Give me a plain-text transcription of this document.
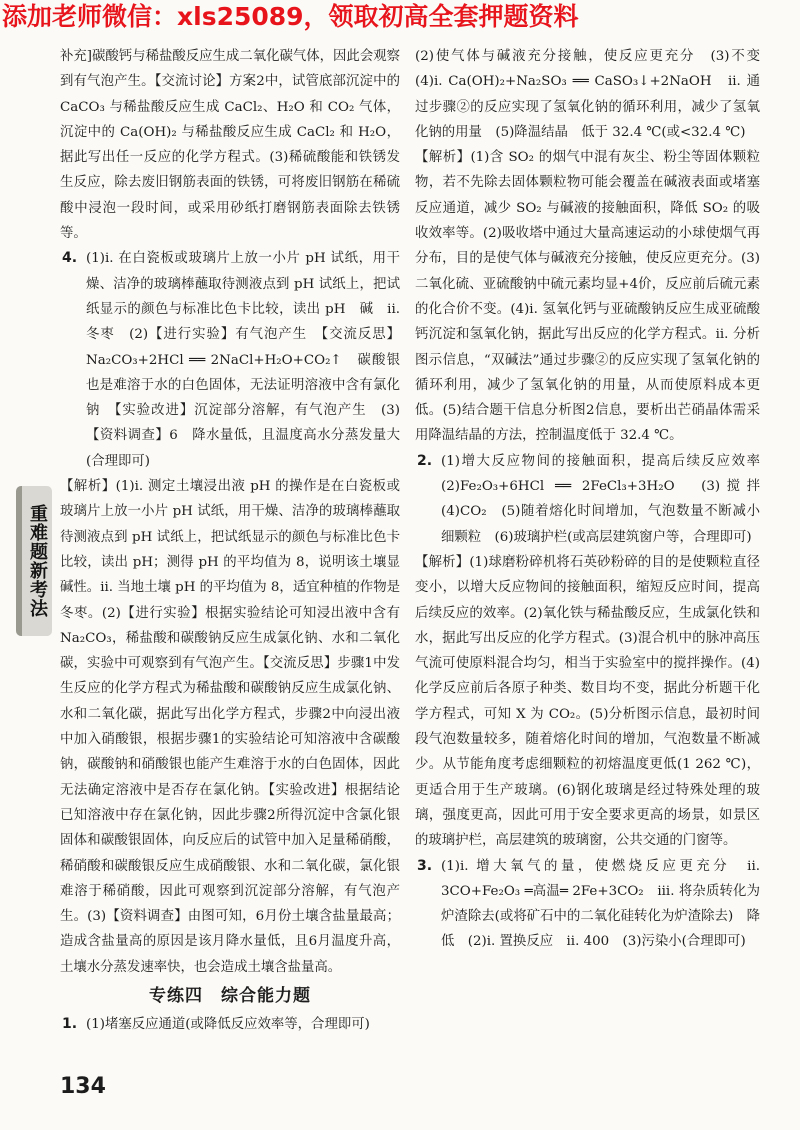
添加老师微信：xls25089，领取初高全套押题资料

补充]碳酸钙与稀盐酸反应生成二氧化碳气体，因此会观察到有气泡产生。【交流讨论】方案2中，试管底部沉淀中的 CaCO₃ 与稀盐酸反应生成 CaCl₂、H₂O 和 CO₂ 气体，沉淀中的 Ca(OH)₂ 与稀盐酸反应生成 CaCl₂ 和 H₂O，据此写出任一反应的化学方程式。(3)稀硫酸能和铁锈发生反应，除去废旧钢筋表面的铁锈，可将废旧钢筋在稀硫酸中浸泡一段时间，或采用砂纸打磨钢筋表面除去铁锈等。

4. (1)i. 在白瓷板或玻璃片上放一小片 pH 试纸，用干燥、洁净的玻璃棒蘸取待测液点到 pH 试纸上，把试纸显示的颜色与标准比色卡比较，读出 pH　碱　ii. 冬枣　(2)【进行实验】有气泡产生　【交流反思】Na₂CO₃+2HCl ══ 2NaCl+H₂O+CO₂↑　碳酸银也是难溶于水的白色固体，无法证明溶液中含有氯化钠　【实验改进】沉淀部分溶解，有气泡产生　(3)【资料调查】6　降水量低，且温度高水分蒸发量大(合理即可)

【解析】(1)i. 测定土壤浸出液 pH 的操作是在白瓷板或玻璃片上放一小片 pH 试纸，用干燥、洁净的玻璃棒蘸取待测液点到 pH 试纸上，把试纸显示的颜色与标准比色卡比较，读出 pH；测得 pH 的平均值为 8，说明该土壤显碱性。ii. 当地土壤 pH 的平均值为 8，适宜种植的作物是冬枣。(2)【进行实验】根据实验结论可知浸出液中含有 Na₂CO₃，稀盐酸和碳酸钠反应生成氯化钠、水和二氧化碳，实验中可观察到有气泡产生。【交流反思】步骤1中发生反应的化学方程式为稀盐酸和碳酸钠反应生成氯化钠、水和二氧化碳，据此写出化学方程式，步骤2中向浸出液中加入硝酸银，根据步骤1的实验结论可知溶液中含碳酸钠，碳酸钠和硝酸银也能产生难溶于水的白色固体，因此无法确定溶液中是否存在氯化钠。【实验改进】根据结论已知溶液中存在氯化钠，因此步骤2所得沉淀中含氯化银固体和碳酸银固体，向反应后的试管中加入足量稀硝酸，稀硝酸和碳酸银反应生成硝酸银、水和二氧化碳，氯化银难溶于稀硝酸，因此可观察到沉淀部分溶解，有气泡产生。(3)【资料调查】由图可知，6月份土壤含盐量最高；造成含盐量高的原因是该月降水量低，且6月温度升高，土壤水分蒸发速率快，也会造成土壤含盐量高。

专练四　综合能力题

1. (1)堵塞反应通道(或降低反应效率等，合理即可)

(2)使气体与碱液充分接触，使反应更充分　(3)不变　(4)i. Ca(OH)₂+Na₂SO₃ ══ CaSO₃↓+2NaOH　ii. 通过步骤②的反应实现了氢氧化钠的循环利用，减少了氢氧化钠的用量　(5)降温结晶　低于 32.4 ℃(或<32.4 ℃)

【解析】(1)含 SO₂ 的烟气中混有灰尘、粉尘等固体颗粒物，若不先除去固体颗粒物可能会覆盖在碱液表面或堵塞反应通道，减少 SO₂ 与碱液的接触面积，降低 SO₂ 的吸收效率等。(2)吸收塔中通过大量高速运动的小球使烟气再分布，目的是使气体与碱液充分接触，使反应更充分。(3)二氧化硫、亚硫酸钠中硫元素均显+4价，反应前后硫元素的化合价不变。(4)i. 氢氧化钙与亚硫酸钠反应生成亚硫酸钙沉淀和氢氧化钠，据此写出反应的化学方程式。ii. 分析图示信息，“双碱法”通过步骤②的反应实现了氢氧化钠的循环利用，减少了氢氧化钠的用量，从而使原料成本更低。(5)结合题干信息分析图2信息，要析出芒硝晶体需采用降温结晶的方法，控制温度低于 32.4 ℃。

2. (1)增大反应物间的接触面积，提高后续反应效率　(2)Fe₂O₃+6HCl ══ 2FeCl₃+3H₂O　(3)搅拌　(4)CO₂　(5)随着熔化时间增加，气泡数量不断减小　细颗粒　(6)玻璃护栏(或高层建筑窗户等，合理即可)

【解析】(1)球磨粉碎机将石英砂粉碎的目的是使颗粒直径变小，以增大反应物间的接触面积，缩短反应时间，提高后续反应的效率。(2)氧化铁与稀盐酸反应，生成氯化铁和水，据此写出反应的化学方程式。(3)混合机中的脉冲高压气流可使原料混合均匀，相当于实验室中的搅拌操作。(4)化学反应前后各原子种类、数目均不变，据此分析题干化学方程式，可知 X 为 CO₂。(5)分析图示信息，最初时间段气泡数量较多，随着熔化时间的增加，气泡数量不断减少。从节能角度考虑细颗粒的初熔温度更低(1 262 ℃)，更适合用于生产玻璃。(6)钢化玻璃是经过特殊处理的玻璃，强度更高，因此可用于安全要求更高的场景，如景区的玻璃护栏，高层建筑的玻璃窗，公共交通的门窗等。

3. (1)i. 增大氧气的量，使燃烧反应更充分　ii. 3CO+Fe₂O₃ ═高温═ 2Fe+3CO₂　iii. 将杂质转化为炉渣除去(或将矿石中的二氧化硅转化为炉渣除去)　降低　(2)i. 置换反应　ii. 400　(3)污染小(合理即可)

重难题新考法
134
